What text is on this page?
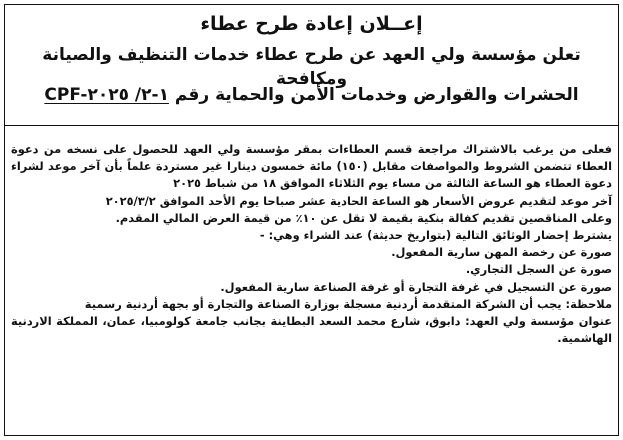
إعــلان إعادة طرح عطاء
تعلن مؤسسة ولي العهد عن طرح عطاء خدمات التنظيف والصيانة ومكافحة
الحشرات والقوارض وخدمات الأمن والحماية رقم CPF-١-٢/ ٢٠٢٥

فعلى من يرغب بالاشتراك مراجعة قسم العطاءات بمقر مؤسسة ولي العهد للحصول على نسخه من دعوة العطاء تتضمن الشروط والمواصفات مقابل (١٥٠) مائة خمسون دينارا غير مستردة علماً بأن آخر موعد لشراء دعوة العطاء هو الساعة الثالثة من مساء يوم الثلاثاء الموافق ١٨ من شباط ٢٠٢٥

آخر موعد لتقديم عروض الأسعار هو الساعة الحادية عشر صباحا يوم الأحد الموافق ٢٠٢٥/٣/٢

وعلى المناقصين تقديم كفالة بنكية بقيمة لا تقل عن ١٠٪ من قيمة العرض المالي المقدم.

يشترط إحضار الوثائق التالية (بتواريخ حديثة) عند الشراء وهي: -

صورة عن رخصة المهن سارية المفعول.

صورة عن السجل التجاري.

صورة عن التسجيل في غرفة التجارة أو غرفة الصناعة سارية المفعول.

ملاحظة: يجب أن الشركة المتقدمة أردنية مسجلة بوزارة الصناعة والتجارة أو بجهة أردنية رسمية

عنوان مؤسسة ولي العهد: دابوق، شارع محمد السعد البطاينة بجانب جامعة كولومبيا، عمان، المملكة الاردنية الهاشمية.
